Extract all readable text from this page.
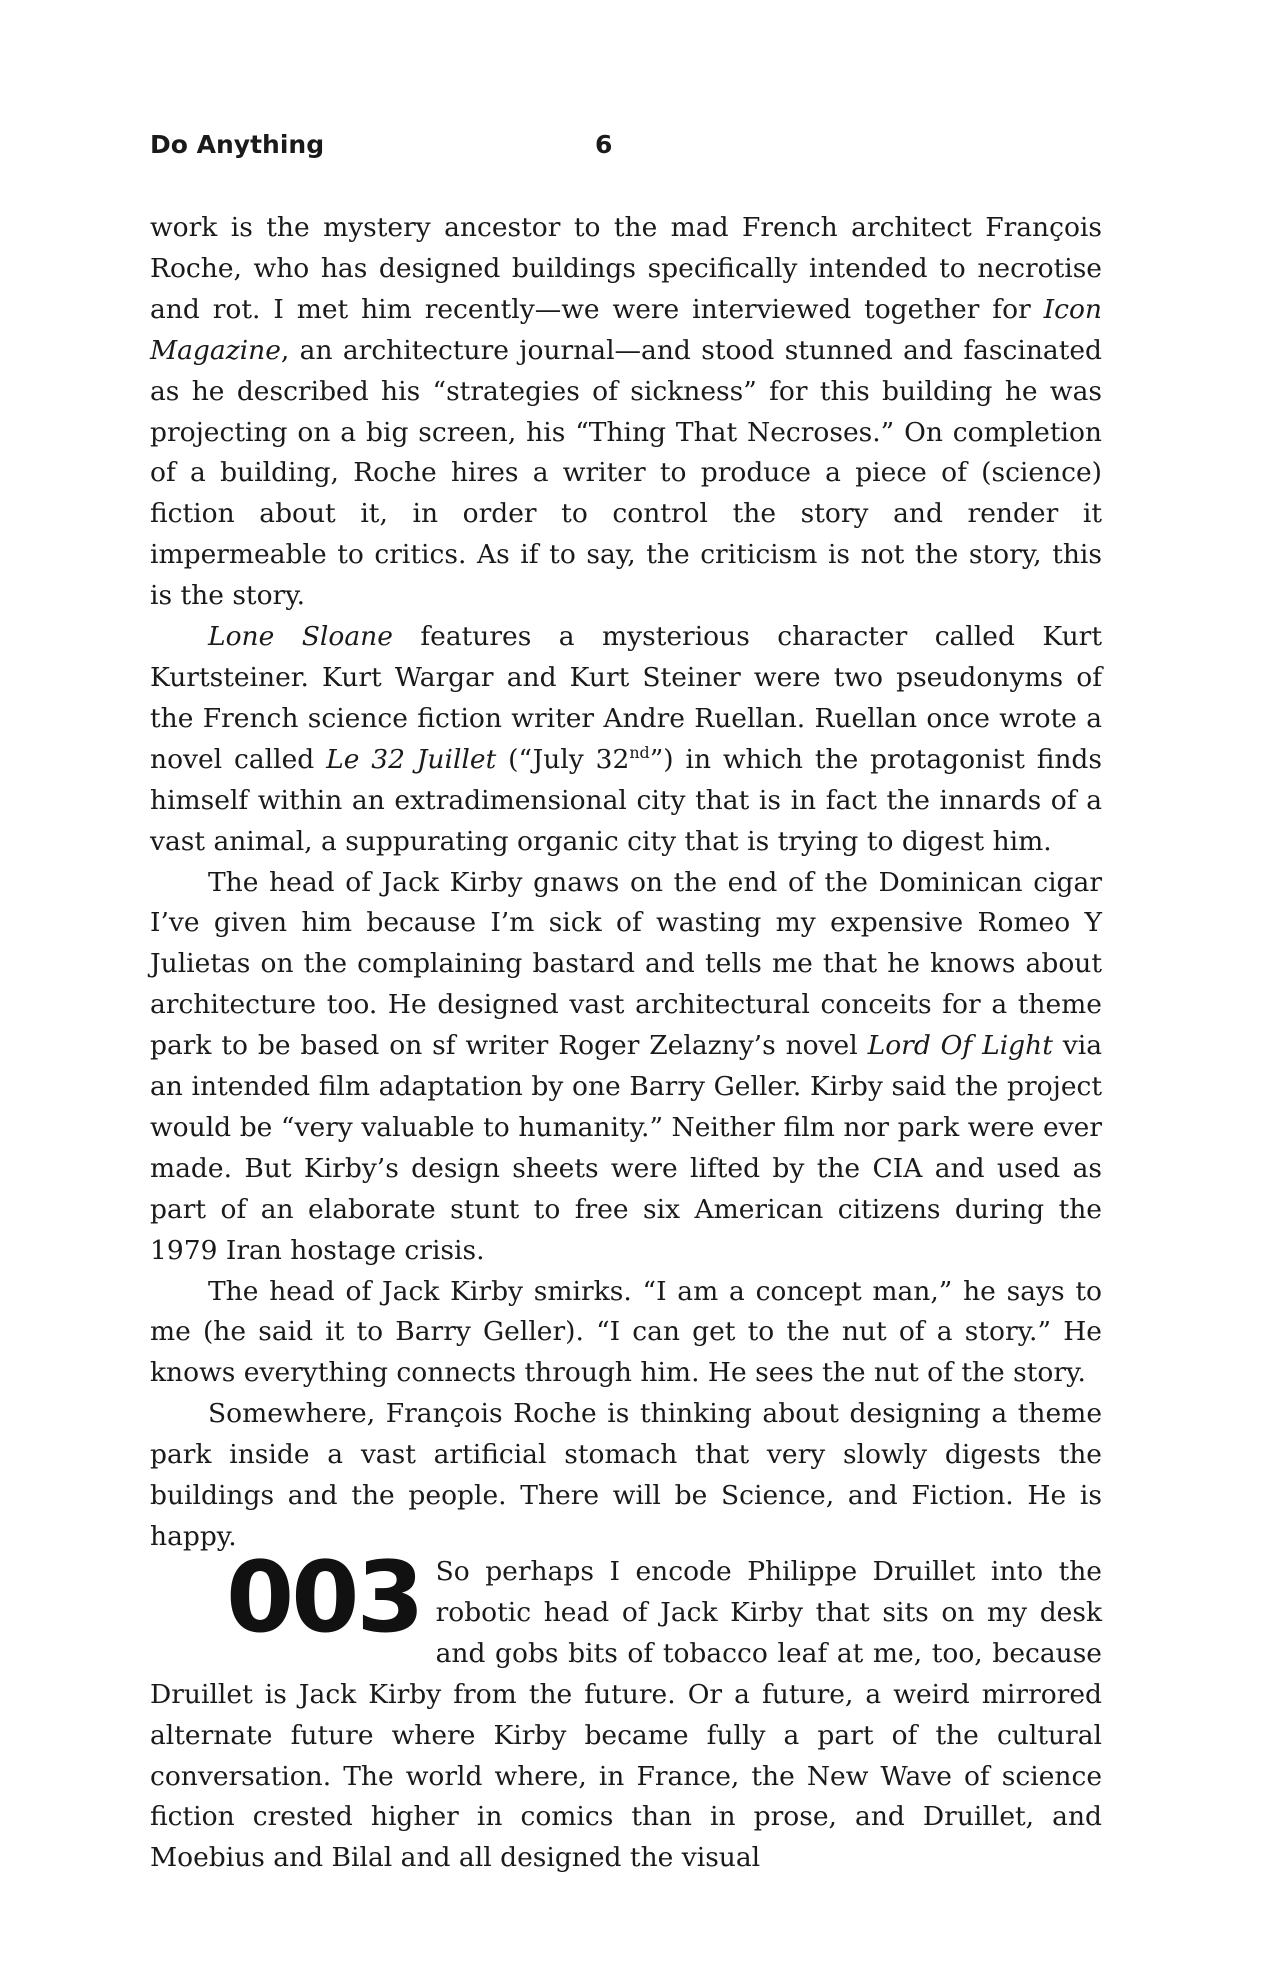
Do Anything	6

work is the mystery ancestor to the mad French architect François Roche, who has designed buildings specifically intended to necrotise and rot. I met him recently—we were interviewed together for Icon Magazine, an architecture journal—and stood stunned and fascinated as he described his “strategies of sickness” for this building he was projecting on a big screen, his “Thing That Necroses.” On completion of a building, Roche hires a writer to produce a piece of (science) fiction about it, in order to control the story and render it impermeable to critics. As if to say, the criticism is not the story, this is the story.

Lone Sloane features a mysterious character called Kurt Kurtsteiner. Kurt Wargar and Kurt Steiner were two pseudonyms of the French science fiction writer Andre Ruellan. Ruellan once wrote a novel called Le 32 Juillet (“July 32nd”) in which the protagonist finds himself within an extradimensional city that is in fact the innards of a vast animal, a suppurating organic city that is trying to digest him.

The head of Jack Kirby gnaws on the end of the Dominican cigar I’ve given him because I’m sick of wasting my expensive Romeo Y Julietas on the complaining bastard and tells me that he knows about architecture too. He designed vast architectural conceits for a theme park to be based on sf writer Roger Zelazny’s novel Lord Of Light via an intended film adaptation by one Barry Geller. Kirby said the project would be “very valuable to humanity.” Neither film nor park were ever made. But Kirby’s design sheets were lifted by the CIA and used as part of an elaborate stunt to free six American citizens during the 1979 Iran hostage crisis.

The head of Jack Kirby smirks. “I am a concept man,” he says to me (he said it to Barry Geller). “I can get to the nut of a story.” He knows everything connects through him. He sees the nut of the story.

Somewhere, François Roche is thinking about designing a theme park inside a vast artificial stomach that very slowly digests the buildings and the people. There will be Science, and Fiction. He is happy.

003 So perhaps I encode Philippe Druillet into the robotic head of Jack Kirby that sits on my desk and gobs bits of tobacco leaf at me, too, because Druillet is Jack Kirby from the future. Or a future, a weird mirrored alternate future where Kirby became fully a part of the cultural conversation. The world where, in France, the New Wave of science fiction crested higher in comics than in prose, and Druillet, and Moebius and Bilal and all designed the visual
